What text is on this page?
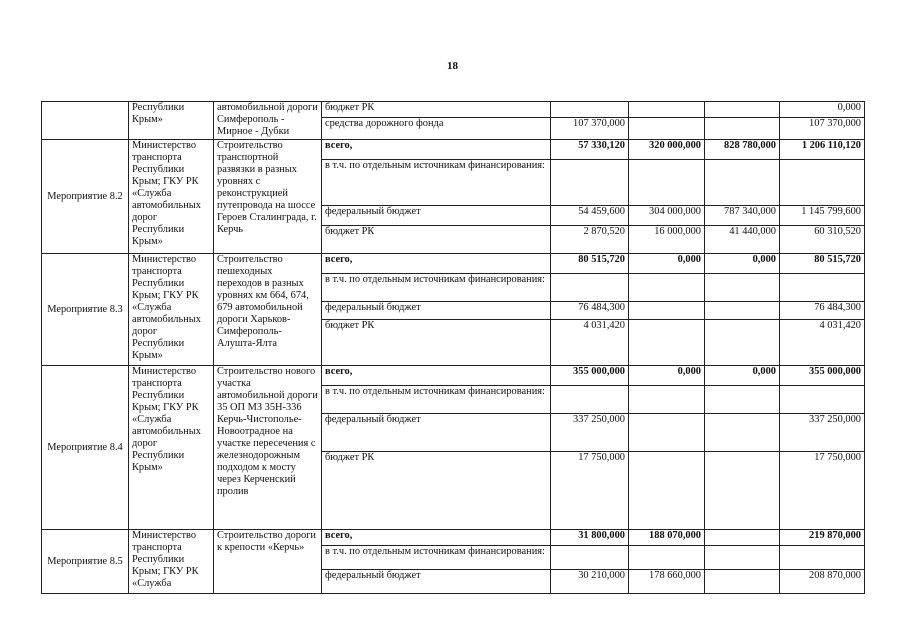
18
	Республики Крым»	автомобильной дороги Симферополь - Мирное - Дубки	бюджет РК				0,000
			средства дорожного фонда	107 370,000			107 370,000
Мероприятие 8.2	Министерство транспорта Республики Крым; ГКУ РК «Служба автомобильных дорог Республики Крым»	Строительство транспортной развязки в разных уровнях с реконструкцией путепровода на шоссе Героев Сталинграда, г. Керчь	всего,	57 330,120	320 000,000	828 780,000	1 206 110,120
			в т.ч. по отдельным источникам финансирования:				
			федеральный бюджет	54 459,600	304 000,000	787 340,000	1 145 799,600
			бюджет РК	2 870,520	16 000,000	41 440,000	60 310,520
Мероприятие 8.3	Министерство транспорта Республики Крым; ГКУ РК «Служба автомобильных дорог Республики Крым»	Строительство пешеходных переходов в разных уровнях км 664, 674, 679 автомобильной дороги Харьков-Симферополь-Алушта-Ялта	всего,	80 515,720	0,000	0,000	80 515,720
			в т.ч. по отдельным источникам финансирования:				
			федеральный бюджет	76 484,300			76 484,300
			бюджет РК	4 031,420			4 031,420
Мероприятие 8.4	Министерство транспорта Республики Крым; ГКУ РК «Служба автомобильных дорог Республики Крым»	Строительство нового участка автомобильной дороги 35 ОП МЗ 35Н-336 Керчь-Чистополье-Новоотрадное на участке пересечения с железнодорожным подходом к мосту через Керченский пролив	всего,	355 000,000	0,000	0,000	355 000,000
			в т.ч. по отдельным источникам финансирования:				
			федеральный бюджет	337 250,000			337 250,000
			бюджет РК	17 750,000			17 750,000
Мероприятие 8.5	Министерство транспорта Республики Крым; ГКУ РК «Служба	Строительство дороги к крепости «Керчь»	всего,	31 800,000	188 070,000		219 870,000
			в т.ч. по отдельным источникам финансирования:				
			федеральный бюджет	30 210,000	178 660,000		208 870,000
